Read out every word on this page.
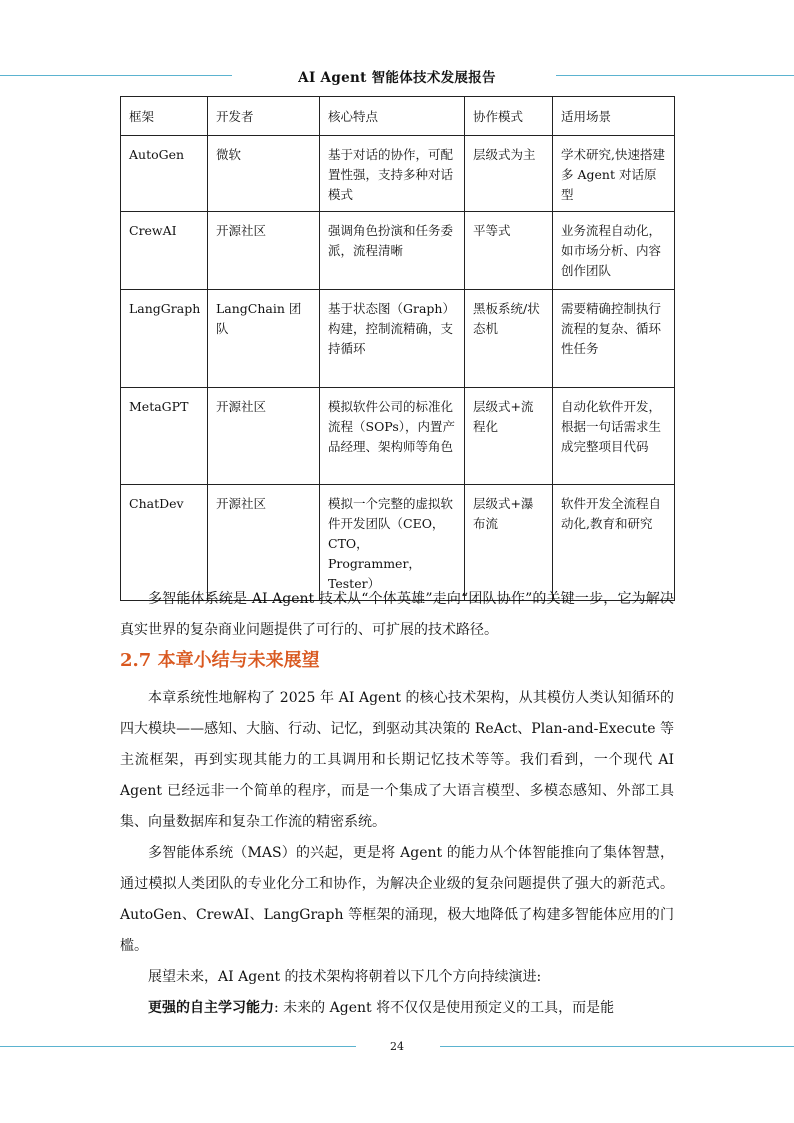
AI Agent 智能体技术发展报告
框架	开发者	核心特点	协作模式	适用场景
AutoGen	微软	基于对话的协作，可配置性强，支持多种对话模式	层级式为主	学术研究,快速搭建多 Agent 对话原型
CrewAI	开源社区	强调角色扮演和任务委派，流程清晰	平等式	业务流程自动化，如市场分析、内容创作团队
LangGraph	LangChain 团队	基于状态图（Graph）构建，控制流精确，支持循环	黑板系统/状态机	需要精确控制执行流程的复杂、循环性任务
MetaGPT	开源社区	模拟软件公司的标准化流程（SOPs），内置产品经理、架构师等角色	层级式+流程化	自动化软件开发，根据一句话需求生成完整项目代码
ChatDev	开源社区	模拟一个完整的虚拟软件开发团队（CEO，CTO，Programmer，Tester）	层级式+瀑布流	软件开发全流程自动化,教育和研究

多智能体系统是 AI Agent 技术从“个体英雄”走向“团队协作”的关键一步，它为解决真实世界的复杂商业问题提供了可行的、可扩展的技术路径。

2.7 本章小结与未来展望

本章系统性地解构了 2025 年 AI Agent 的核心技术架构，从其模仿人类认知循环的四大模块——感知、大脑、行动、记忆，到驱动其决策的 ReAct、Plan-and-Execute 等主流框架，再到实现其能力的工具调用和长期记忆技术等等。我们看到，一个现代 AI Agent 已经远非一个简单的程序，而是一个集成了大语言模型、多模态感知、外部工具集、向量数据库和复杂工作流的精密系统。

多智能体系统（MAS）的兴起，更是将 Agent 的能力从个体智能推向了集体智慧，通过模拟人类团队的专业化分工和协作，为解决企业级的复杂问题提供了强大的新范式。AutoGen、CrewAI、LangGraph 等框架的涌现，极大地降低了构建多智能体应用的门槛。

展望未来，AI Agent 的技术架构将朝着以下几个方向持续演进:

更强的自主学习能力: 未来的 Agent 将不仅仅是使用预定义的工具，而是能

24
